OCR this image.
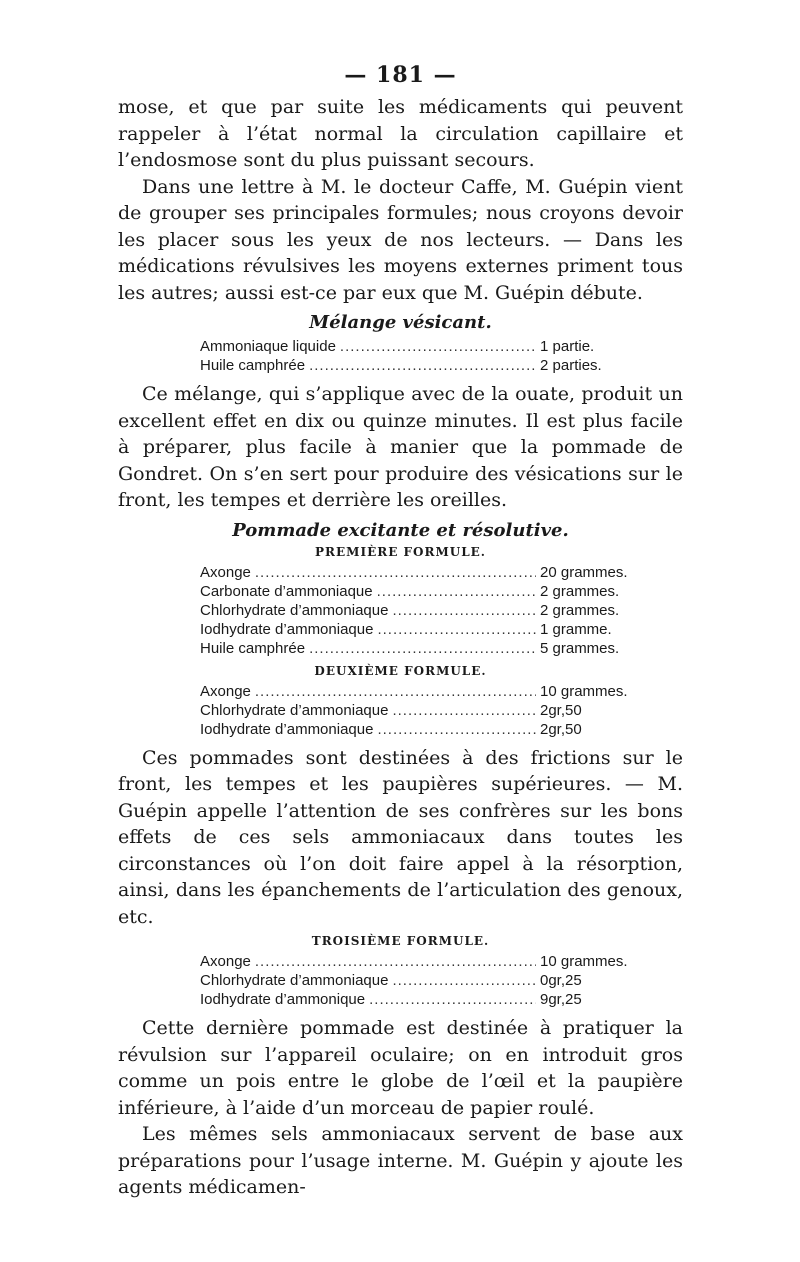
— 181 —

mose, et que par suite les médicaments qui peuvent rappeler à l’état normal la circulation capillaire et l’endosmose sont du plus puissant secours.

Dans une lettre à M. le docteur Caffe, M. Guépin vient de grouper ses principales formules; nous croyons devoir les placer sous les yeux de nos lecteurs. — Dans les médications révulsives les moyens externes priment tous les autres; aussi est-ce par eux que M. Guépin débute.

Mélange vésicant.
Ammoniaque liquide .....	1 partie.
Huile camphrée .....	2 parties.

Ce mélange, qui s’applique avec de la ouate, produit un excellent effet en dix ou quinze minutes. Il est plus facile à préparer, plus facile à manier que la pommade de Gondret. On s’en sert pour produire des vésications sur le front, les tempes et derrière les oreilles.

Pommade excitante et résolutive.
PREMIÈRE FORMULE.
Axonge .....	20 grammes.
Carbonate d’ammoniaque .....	2 grammes.
Chlorhydrate d’ammoniaque .....	2 grammes.
Iodhydrate d’ammoniaque .....	1 gramme.
Huile camphrée .....	5 grammes.
DEUXIÈME FORMULE.
Axonge .....	10 grammes.
Chlorhydrate d’ammoniaque .....	2gr,50
Iodhydrate d’ammoniaque .....	2gr,50

Ces pommades sont destinées à des frictions sur le front, les tempes et les paupières supérieures. — M. Guépin appelle l’attention de ses confrères sur les bons effets de ces sels ammoniacaux dans toutes les circonstances où l’on doit faire appel à la résorption, ainsi, dans les épanchements de l’articulation des genoux, etc.

TROISIÈME FORMULE.
Axonge .....	10 grammes.
Chlorhydrate d’ammoniaque .....	0gr,25
Iodhydrate d’ammonique .....	9gr,25

Cette dernière pommade est destinée à pratiquer la révulsion sur l’appareil oculaire; on en introduit gros comme un pois entre le globe de l’œil et la paupière inférieure, à l’aide d’un morceau de papier roulé.

Les mêmes sels ammoniacaux servent de base aux préparations pour l’usage interne. M. Guépin y ajoute les agents médicamen-
